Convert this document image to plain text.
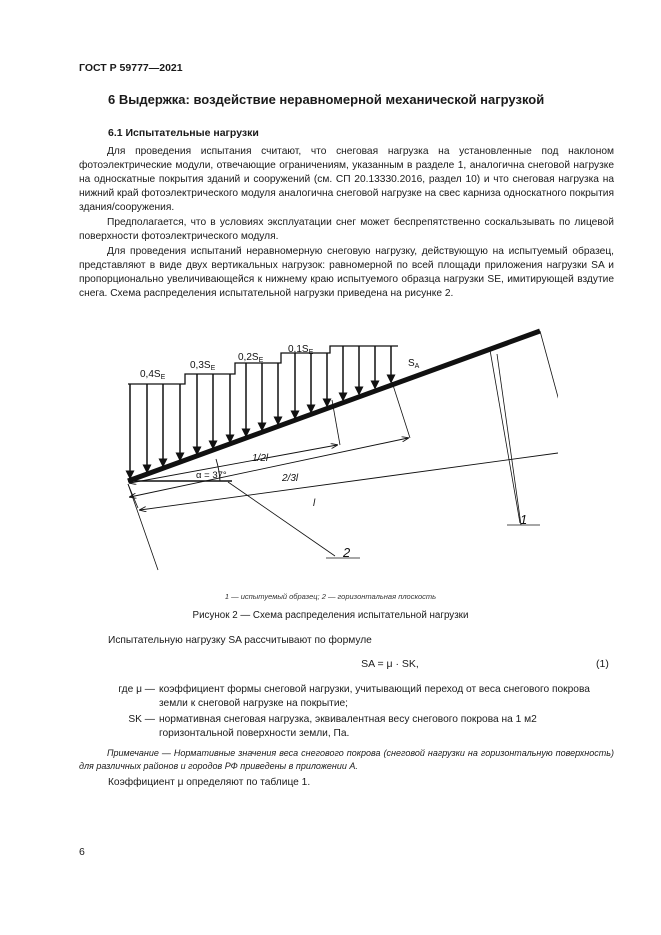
ГОСТ Р 59777—2021
6 Выдержка: воздействие неравномерной механической нагрузкой
6.1 Испытательные нагрузки

Для проведения испытания считают, что снеговая нагрузка на установленные под наклоном фотоэлектрические модули, отвечающие ограничениям, указанным в разделе 1, аналогична снеговой нагрузке на односкатные покрытия зданий и сооружений (см. СП 20.13330.2016, раздел 10) и что снеговая нагрузка на нижний край фотоэлектрического модуля аналогична снеговой нагрузке на свес карниза односкатного покрытия здания/сооружения.

Предполагается, что в условиях эксплуатации снег может беспрепятственно соскальзывать по лицевой поверхности фотоэлектрического модуля.

Для проведения испытаний неравномерную снеговую нагрузку, действующую на испытуемый образец, представляют в виде двух вертикальных нагрузок: равномерной по всей площади приложения нагрузки SA и пропорционально увеличивающейся к нижнему краю испытуемого образца нагрузки SE, имитирующей вздутие снега. Схема распределения испытательной нагрузки приведена на рисунке 2.

$0,4S_E$
$0,3S_E$
$0,2S_E$
$0,1S_E$
$S_A$
1/2l
2/3l
l
α = 37°
1
2
1 — испытуемый образец; 2 — горизонтальная плоскость
Рисунок 2 — Схема распределения испытательной нагрузки
Испытательную нагрузку SA рассчитывают по формуле
SA = μ · SK,	(1)
где μ — коэффициент формы снеговой нагрузки, учитывающий переход от веса снегового покрова земли к снеговой нагрузке на покрытие;
SK — нормативная снеговая нагрузка, эквивалентная весу снегового покрова на 1 м2 горизонтальной поверхности земли, Па.
Примечание — Нормативные значения веса снегового покрова (снеговой нагрузки на горизонтальную поверхность) для различных районов и городов РФ приведены в приложении А.
Коэффициент μ определяют по таблице 1.
6
